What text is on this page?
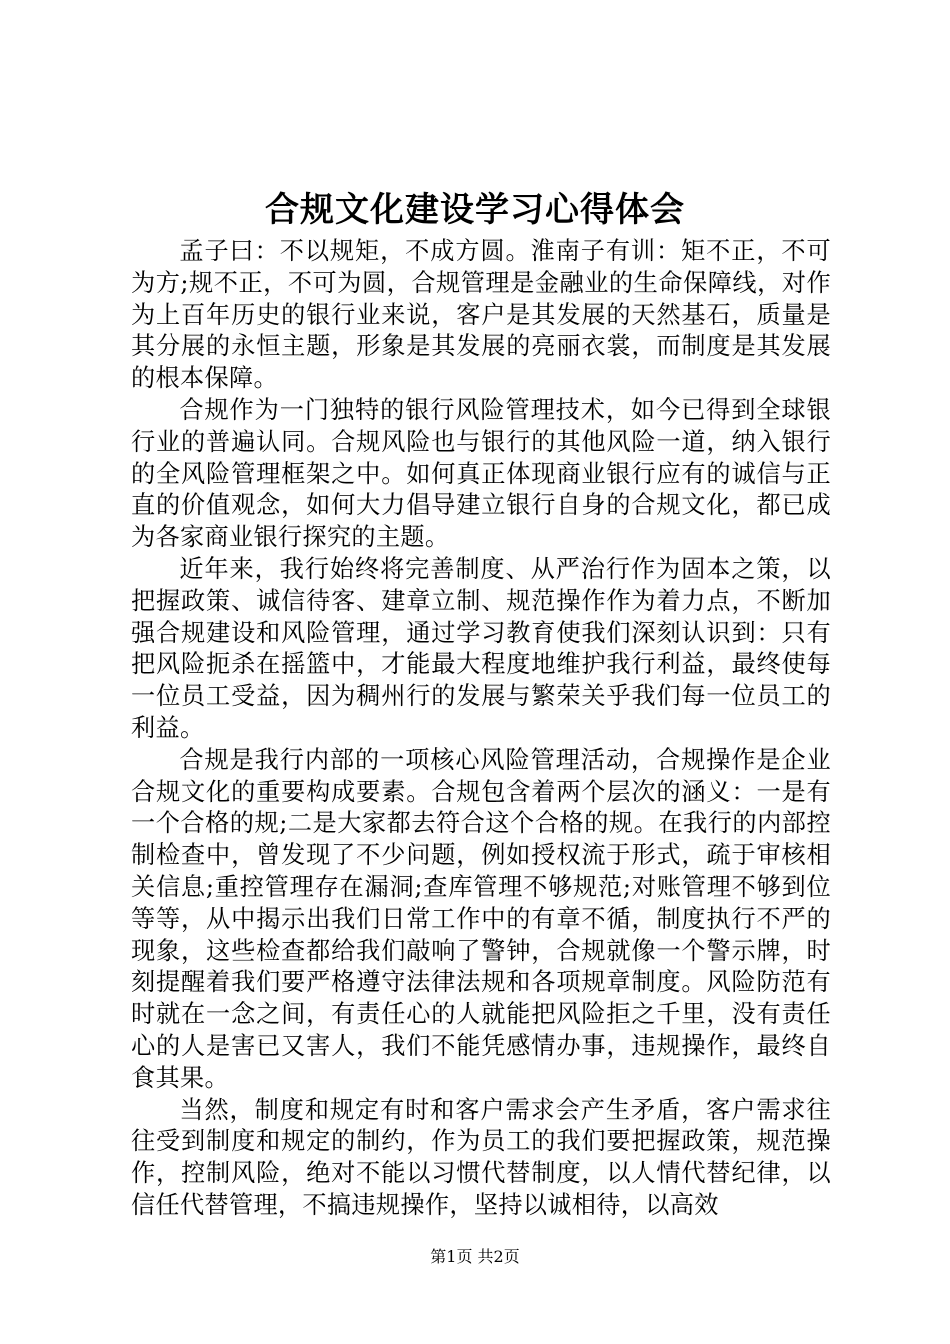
合规文化建设学习心得体会

孟子曰：不以规矩，不成方圆。淮南子有训：矩不正，不可为方;规不正，不可为圆，合规管理是金融业的生命保障线，对作为上百年历史的银行业来说，客户是其发展的天然基石，质量是其分展的永恒主题，形象是其发展的亮丽衣裳，而制度是其发展的根本保障。

合规作为一门独特的银行风险管理技术，如今已得到全球银行业的普遍认同。合规风险也与银行的其他风险一道，纳入银行的全风险管理框架之中。如何真正体现商业银行应有的诚信与正直的价值观念，如何大力倡导建立银行自身的合规文化，都已成为各家商业银行探究的主题。

近年来，我行始终将完善制度、从严治行作为固本之策，以把握政策、诚信待客、建章立制、规范操作作为着力点，不断加强合规建设和风险管理，通过学习教育使我们深刻认识到：只有把风险扼杀在摇篮中，才能最大程度地维护我行利益，最终使每一位员工受益，因为稠州行的发展与繁荣关乎我们每一位员工的利益。

合规是我行内部的一项核心风险管理活动，合规操作是企业合规文化的重要构成要素。合规包含着两个层次的涵义：一是有一个合格的规;二是大家都去符合这个合格的规。在我行的内部控制检查中，曾发现了不少问题，例如授权流于形式，疏于审核相关信息;重控管理存在漏洞;查库管理不够规范;对账管理不够到位等等，从中揭示出我们日常工作中的有章不循，制度执行不严的现象，这些检查都给我们敲响了警钟，合规就像一个警示牌，时刻提醒着我们要严格遵守法律法规和各项规章制度。风险防范有时就在一念之间，有责任心的人就能把风险拒之千里，没有责任心的人是害已又害人，我们不能凭感情办事，违规操作，最终自食其果。

当然，制度和规定有时和客户需求会产生矛盾，客户需求往往受到制度和规定的制约，作为员工的我们要把握政策，规范操作，控制风险，绝对不能以习惯代替制度，以人情代替纪律，以信任代替管理，不搞违规操作，坚持以诚相待，以高效

第1页 共2页
